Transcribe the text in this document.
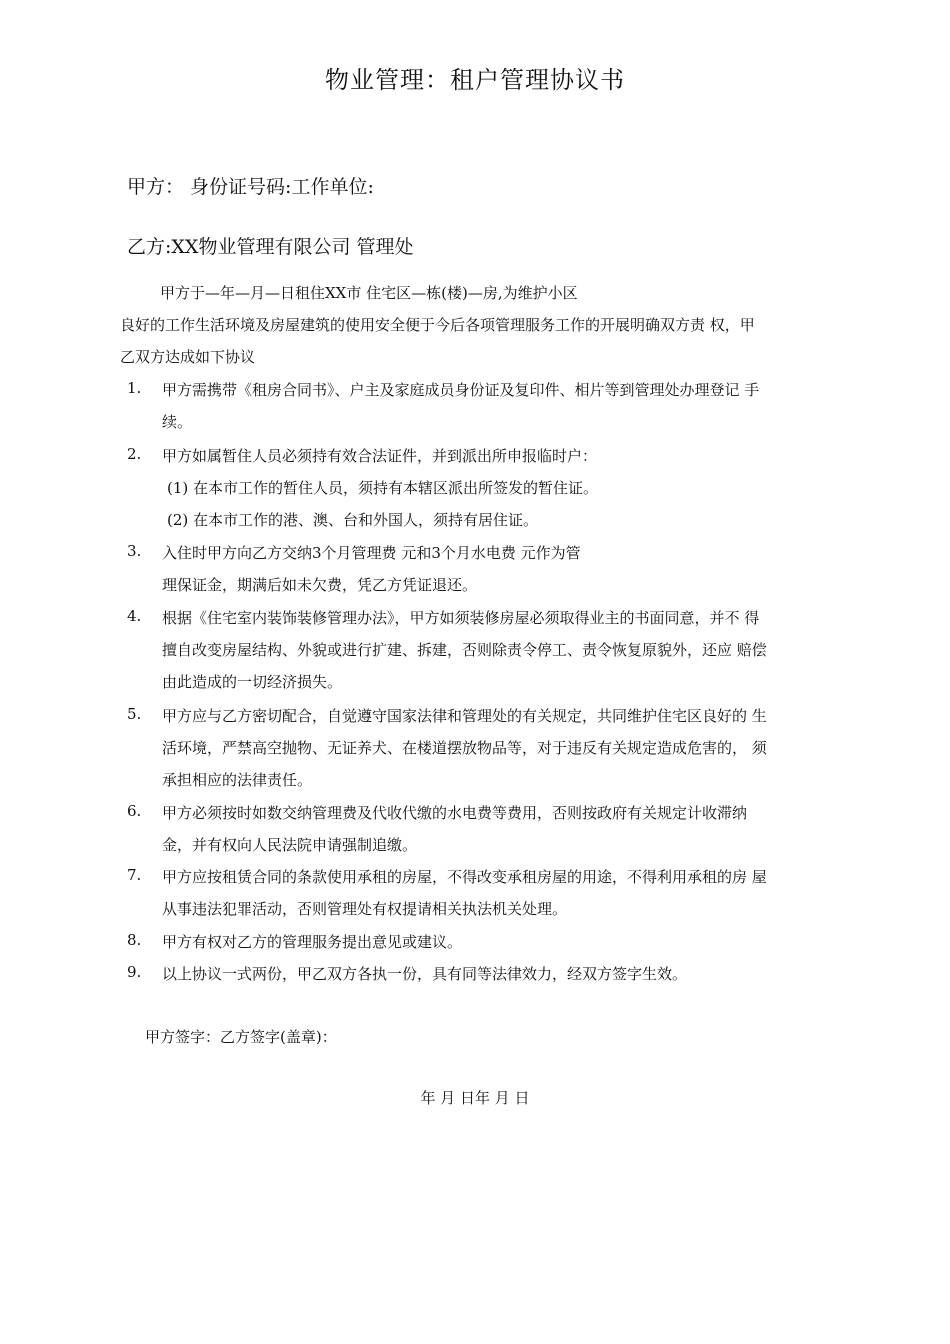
物业管理：租户管理协议书
甲方： 身份证号码:工作单位:
乙方:XX物业管理有限公司 管理处
甲方于—年—月—日租住XX市 住宅区—栋(楼)—房,为维护小区
良好的工作生活环境及房屋建筑的使用安全便于今后各项管理服务工作的开展明确双方责 权，甲
乙双方达成如下协议
1. 甲方需携带《租房合同书》、户主及家庭成员身份证及复印件、相片等到管理处办理登记 手
续。
2. 甲方如属暂住人员必须持有效合法证件，并到派出所申报临时户：
(1) 在本市工作的暂住人员，须持有本辖区派出所签发的暂住证。
(2) 在本市工作的港、澳、台和外国人，须持有居住证。
3. 入住时甲方向乙方交纳3个月管理费 元和3个月水电费 元作为管
理保证金，期满后如未欠费，凭乙方凭证退还。
4. 根据《住宅室内装饰装修管理办法》，甲方如须装修房屋必须取得业主的书面同意，并不 得
擅自改变房屋结构、外貌或进行扩建、拆建，否则除责令停工、责令恢复原貌外，还应 赔偿
由此造成的一切经济损失。
5. 甲方应与乙方密切配合，自觉遵守国家法律和管理处的有关规定，共同维护住宅区良好的 生
活环境，严禁高空抛物、无证养犬、在楼道摆放物品等，对于违反有关规定造成危害的， 须
承担相应的法律责任。
6. 甲方必须按时如数交纳管理费及代收代缴的水电费等费用，否则按政府有关规定计收滞纳
金，并有权向人民法院申请强制追缴。
7. 甲方应按租赁合同的条款使用承租的房屋，不得改变承租房屋的用途，不得利用承租的房 屋
从事违法犯罪活动，否则管理处有权提请相关执法机关处理。
8. 甲方有权对乙方的管理服务提出意见或建议。
9. 以上协议一式两份，甲乙双方各执一份，具有同等法律效力，经双方签字生效。
甲方签字：乙方签字(盖章)：
年 月 日年 月 日
